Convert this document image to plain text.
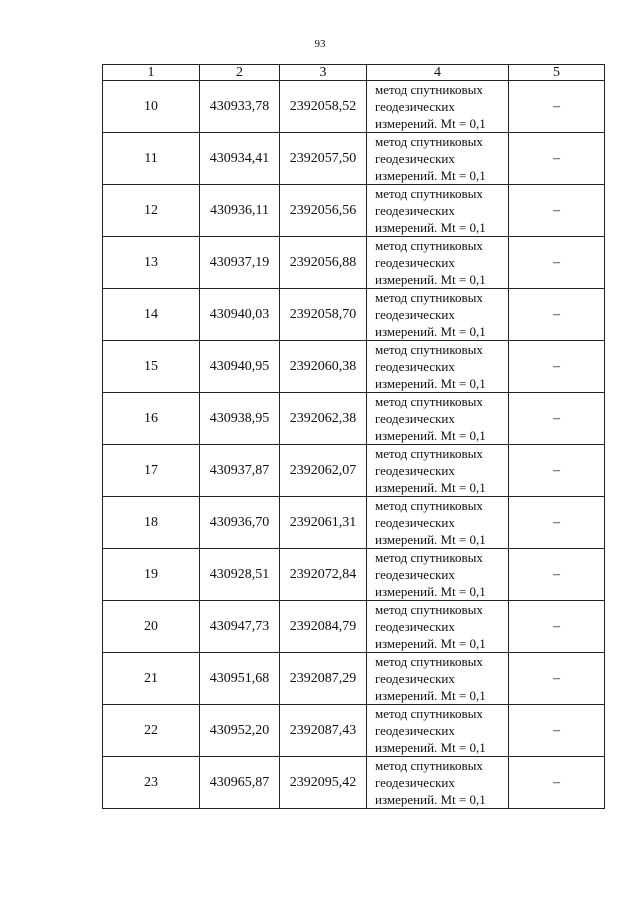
93
1	2	3	4	5
10	430933,78	2392058,52	метод спутниковых
геодезических
измерений. Mt = 0,1	–
11	430934,41	2392057,50	метод спутниковых
геодезических
измерений. Mt = 0,1	–
12	430936,11	2392056,56	метод спутниковых
геодезических
измерений. Mt = 0,1	–
13	430937,19	2392056,88	метод спутниковых
геодезических
измерений. Mt = 0,1	–
14	430940,03	2392058,70	метод спутниковых
геодезических
измерений. Mt = 0,1	–
15	430940,95	2392060,38	метод спутниковых
геодезических
измерений. Mt = 0,1	–
16	430938,95	2392062,38	метод спутниковых
геодезических
измерений. Mt = 0,1	–
17	430937,87	2392062,07	метод спутниковых
геодезических
измерений. Mt = 0,1	–
18	430936,70	2392061,31	метод спутниковых
геодезических
измерений. Mt = 0,1	–
19	430928,51	2392072,84	метод спутниковых
геодезических
измерений. Mt = 0,1	–
20	430947,73	2392084,79	метод спутниковых
геодезических
измерений. Mt = 0,1	–
21	430951,68	2392087,29	метод спутниковых
геодезических
измерений. Mt = 0,1	–
22	430952,20	2392087,43	метод спутниковых
геодезических
измерений. Mt = 0,1	–
23	430965,87	2392095,42	метод спутниковых
геодезических
измерений. Mt = 0,1	–
